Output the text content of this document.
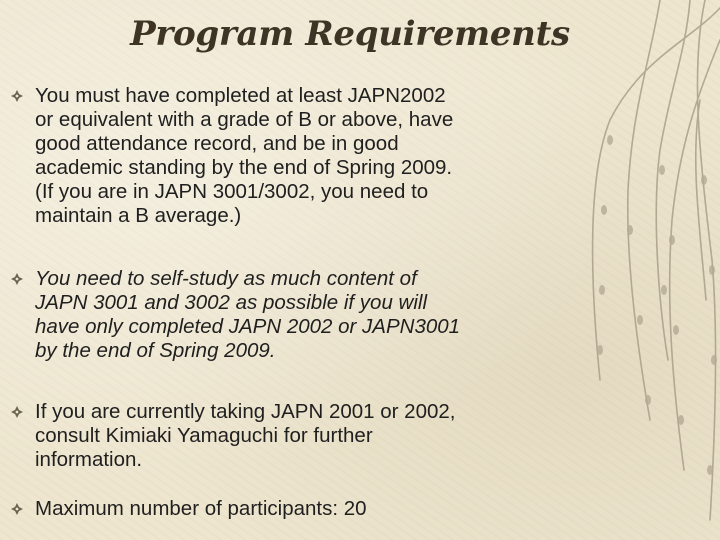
Program Requirements
You must have completed at least JAPN2002
or equivalent with a grade of B or above, have
good attendance record, and be in good
academic standing by the end of Spring 2009.
(If you are in JAPN 3001/3002, you need to
maintain a B average.)
You need to self-study as much content of
JAPN 3001 and 3002 as possible if you will
have only completed JAPN 2002 or JAPN3001
by the end of Spring 2009.
If you are currently taking JAPN 2001 or 2002,
consult Kimiaki Yamaguchi for further
information.
Maximum number of participants: 20
